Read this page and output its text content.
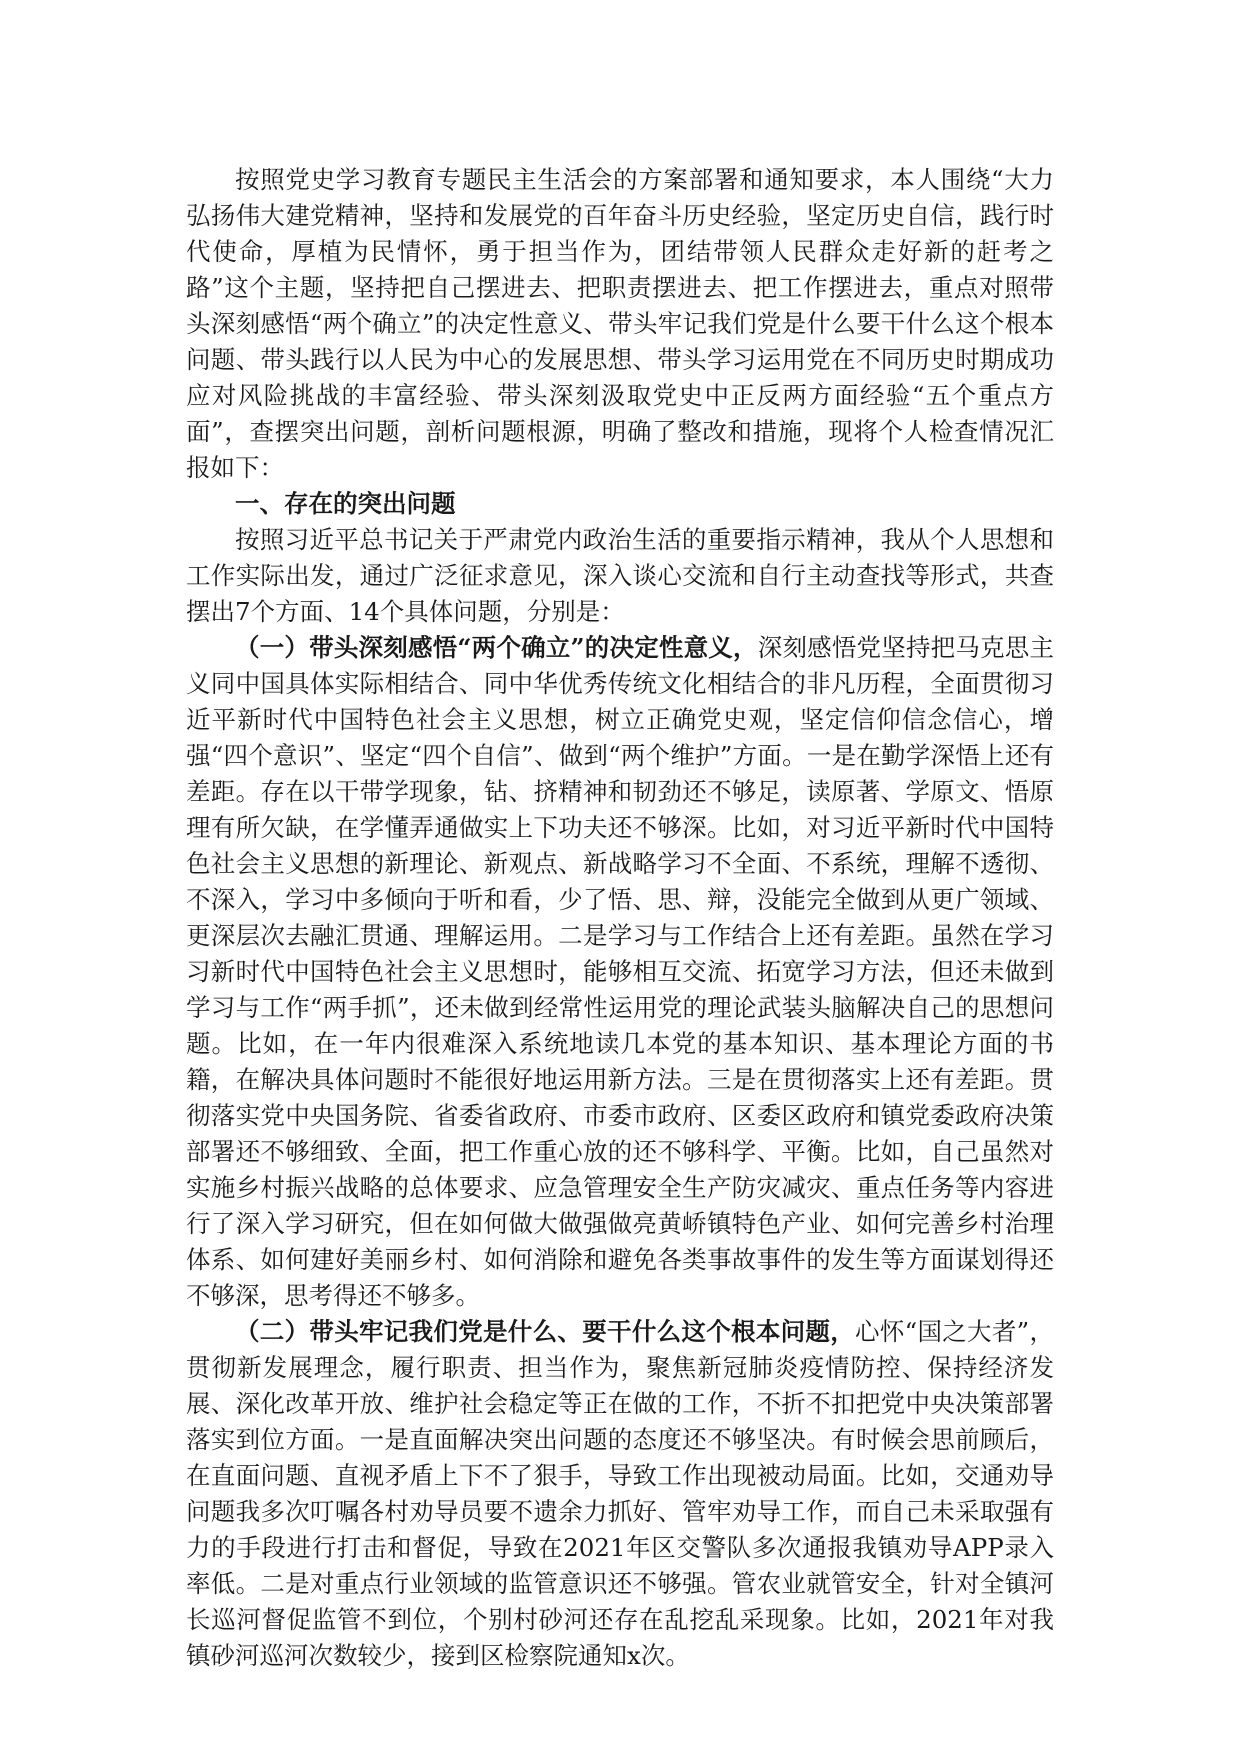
按照党史学习教育专题民主生活会的方案部署和通知要求，本人围绕“大力弘扬伟大建党精神，坚持和发展党的百年奋斗历史经验，坚定历史自信，践行时代使命，厚植为民情怀，勇于担当作为，团结带领人民群众走好新的赶考之路”这个主题，坚持把自己摆进去、把职责摆进去、把工作摆进去，重点对照带头深刻感悟“两个确立”的决定性意义、带头牢记我们党是什么要干什么这个根本问题、带头践行以人民为中心的发展思想、带头学习运用党在不同历史时期成功应对风险挑战的丰富经验、带头深刻汲取党史中正反两方面经验“五个重点方面”，查摆突出问题，剖析问题根源，明确了整改和措施，现将个人检查情况汇报如下：

一、存在的突出问题

按照习近平总书记关于严肃党内政治生活的重要指示精神，我从个人思想和工作实际出发，通过广泛征求意见，深入谈心交流和自行主动查找等形式，共查摆出7个方面、14个具体问题，分别是：

（一）带头深刻感悟“两个确立”的决定性意义，深刻感悟党坚持把马克思主义同中国具体实际相结合、同中华优秀传统文化相结合的非凡历程，全面贯彻习近平新时代中国特色社会主义思想，树立正确党史观，坚定信仰信念信心，增强“四个意识”、坚定“四个自信”、做到“两个维护”方面。一是在勤学深悟上还有差距。存在以干带学现象，钻、挤精神和韧劲还不够足，读原著、学原文、悟原理有所欠缺，在学懂弄通做实上下功夫还不够深。比如，对习近平新时代中国特色社会主义思想的新理论、新观点、新战略学习不全面、不系统，理解不透彻、不深入，学习中多倾向于听和看，少了悟、思、辩，没能完全做到从更广领域、更深层次去融汇贯通、理解运用。二是学习与工作结合上还有差距。虽然在学习习新时代中国特色社会主义思想时，能够相互交流、拓宽学习方法，但还未做到学习与工作“两手抓”，还未做到经常性运用党的理论武装头脑解决自己的思想问题。比如，在一年内很难深入系统地读几本党的基本知识、基本理论方面的书籍，在解决具体问题时不能很好地运用新方法。三是在贯彻落实上还有差距。贯彻落实党中央国务院、省委省政府、市委市政府、区委区政府和镇党委政府决策部署还不够细致、全面，把工作重心放的还不够科学、平衡。比如，自己虽然对实施乡村振兴战略的总体要求、应急管理安全生产防灾减灾、重点任务等内容进行了深入学习研究，但在如何做大做强做亮黄峤镇特色产业、如何完善乡村治理体系、如何建好美丽乡村、如何消除和避免各类事故事件的发生等方面谋划得还不够深，思考得还不够多。

（二）带头牢记我们党是什么、要干什么这个根本问题，心怀“国之大者”，贯彻新发展理念，履行职责、担当作为，聚焦新冠肺炎疫情防控、保持经济发展、深化改革开放、维护社会稳定等正在做的工作，不折不扣把党中央决策部署落实到位方面。一是直面解决突出问题的态度还不够坚决。有时候会思前顾后，在直面问题、直视矛盾上下不了狠手，导致工作出现被动局面。比如，交通劝导问题我多次叮嘱各村劝导员要不遗余力抓好、管牢劝导工作，而自己未采取强有力的手段进行打击和督促，导致在2021年区交警队多次通报我镇劝导APP录入率低。二是对重点行业领域的监管意识还不够强。管农业就管安全，针对全镇河长巡河督促监管不到位，个别村砂河还存在乱挖乱采现象。比如，2021年对我镇砂河巡河次数较少，接到区检察院通知x次。
